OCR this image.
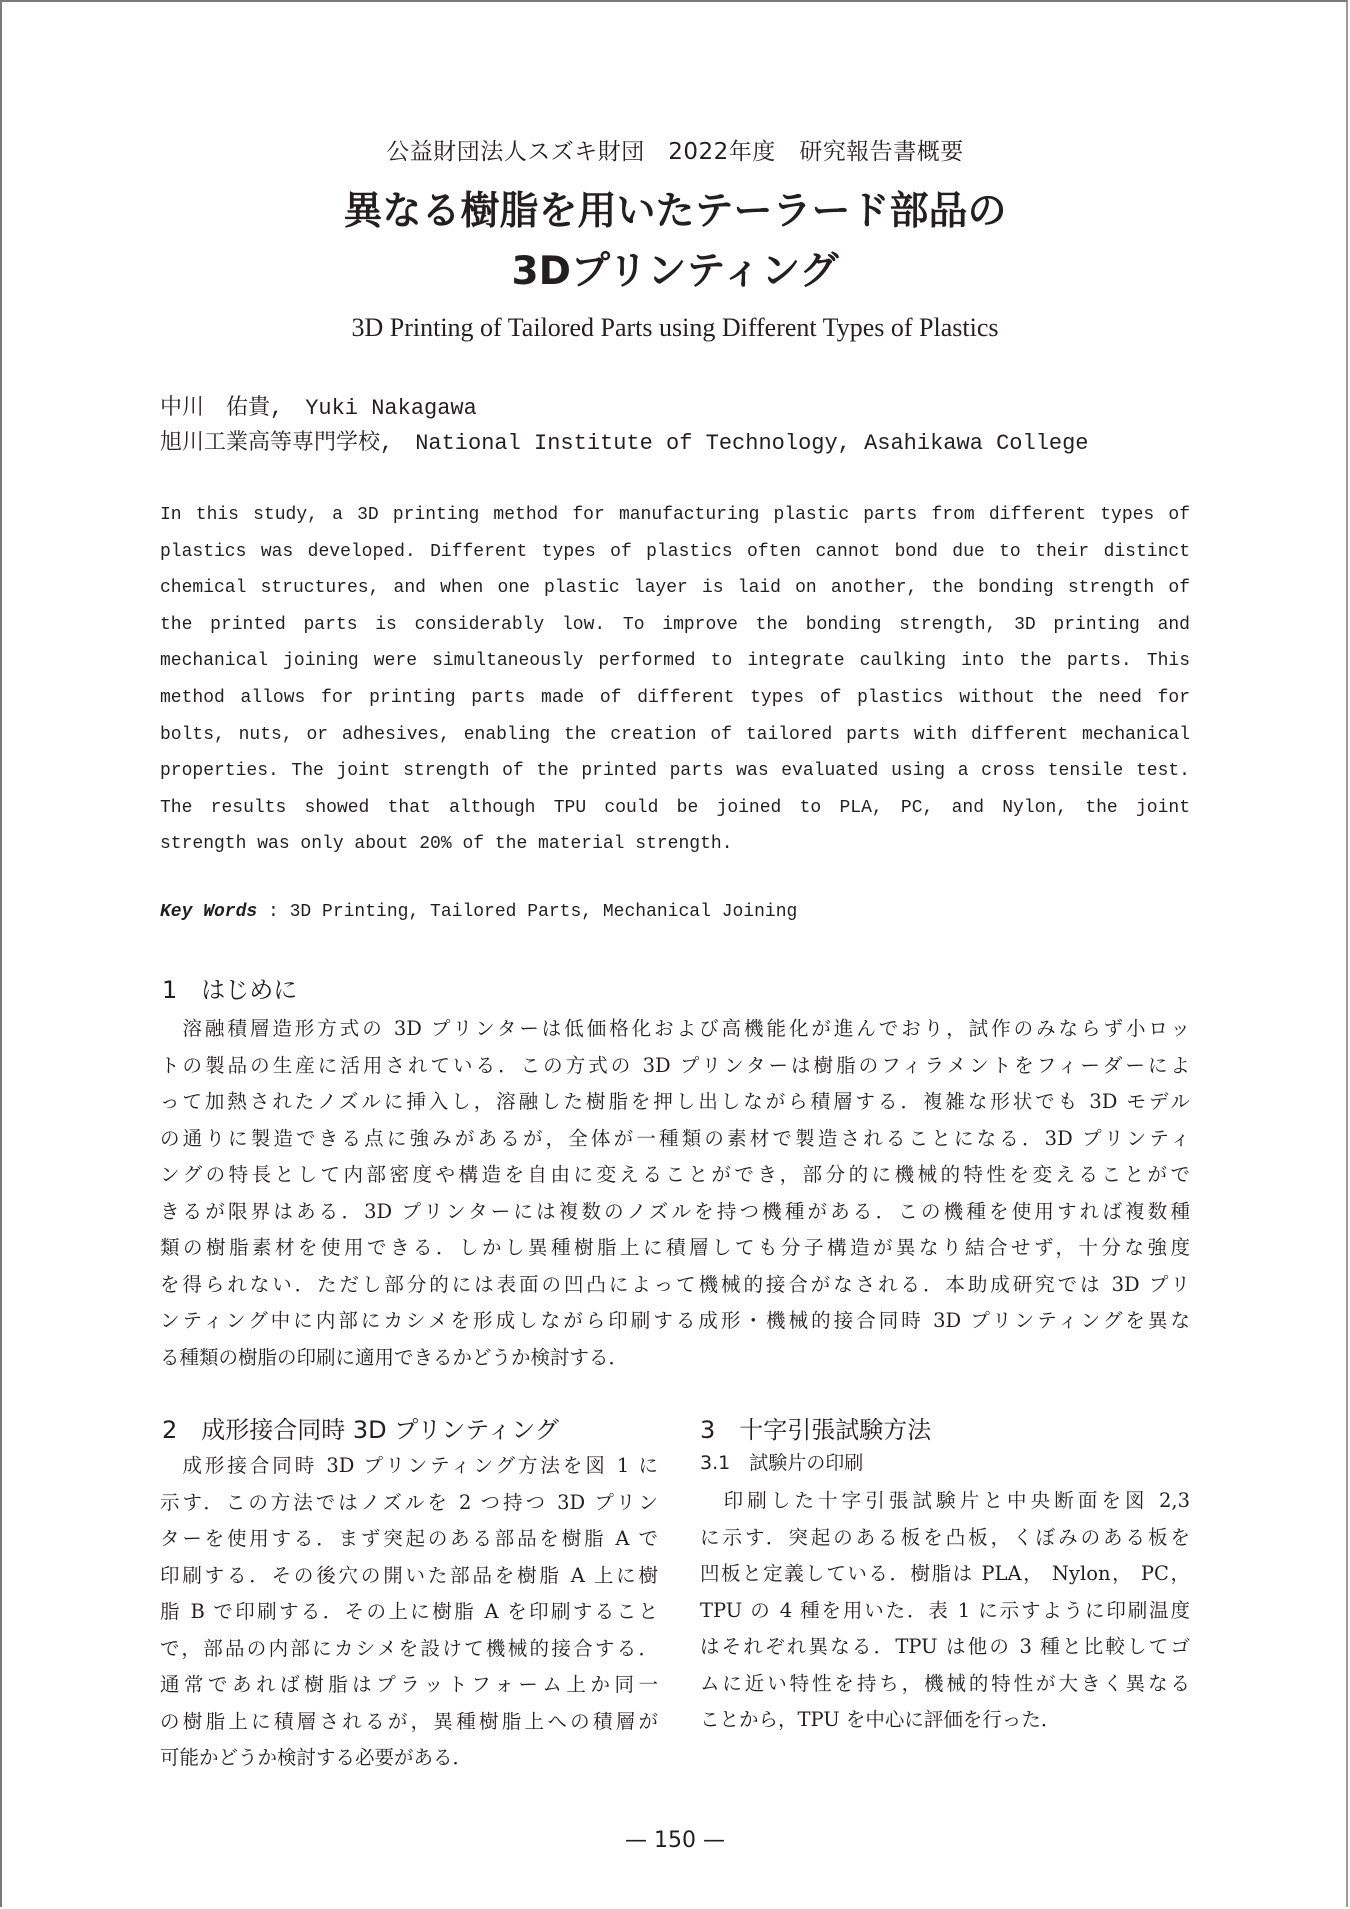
公益財団法人スズキ財団　2022年度　研究報告書概要
異なる樹脂を用いたテーラード部品の
3Dプリンティング
3D Printing of Tailored Parts using Different Types of Plastics
中川　佑貴,　Yuki Nakagawa
旭川工業高等専門学校,　National Institute of Technology, Asahikawa College
In this study, a 3D printing method for manufacturing plastic parts from different types of
plastics was developed. Different types of plastics often cannot bond due to their distinct
chemical structures, and when one plastic layer is laid on another, the bonding strength of
the printed parts is considerably low. To improve the bonding strength, 3D printing and
mechanical joining were simultaneously performed to integrate caulking into the parts. This
method allows for printing parts made of different types of plastics without the need for
bolts, nuts, or adhesives, enabling the creation of tailored parts with different mechanical
properties. The joint strength of the printed parts was evaluated using a cross tensile test.
The results showed that although TPU could be joined to PLA, PC, and Nylon, the joint
strength was only about 20% of the material strength.
Key Words : 3D Printing, Tailored Parts, Mechanical Joining
1　はじめに
　溶融積層造形方式の 3D プリンターは低価格化および高機能化が進んでおり，試作のみならず小ロッ
トの製品の生産に活用されている．この方式の 3D プリンターは樹脂のフィラメントをフィーダーによ
って加熱されたノズルに挿入し，溶融した樹脂を押し出しながら積層する．複雑な形状でも 3D モデル
の通りに製造できる点に強みがあるが，全体が一種類の素材で製造されることになる．3D プリンティ
ングの特長として内部密度や構造を自由に変えることができ，部分的に機械的特性を変えることがで
きるが限界はある．3D プリンターには複数のノズルを持つ機種がある．この機種を使用すれば複数種
類の樹脂素材を使用できる．しかし異種樹脂上に積層しても分子構造が異なり結合せず，十分な強度
を得られない．ただし部分的には表面の凹凸によって機械的接合がなされる．本助成研究では 3D プリ
ンティング中に内部にカシメを形成しながら印刷する成形・機械的接合同時 3D プリンティングを異な
る種類の樹脂の印刷に適用できるかどうか検討する．
2　成形接合同時 3D プリンティング
　成形接合同時 3D プリンティング方法を図 1 に
示す．この方法ではノズルを 2 つ持つ 3D プリン
ターを使用する．まず突起のある部品を樹脂 A で
印刷する．その後穴の開いた部品を樹脂 A 上に樹
脂 B で印刷する．その上に樹脂 A を印刷すること
で，部品の内部にカシメを設けて機械的接合する．
通常であれば樹脂はプラットフォーム上か同一
の樹脂上に積層されるが，異種樹脂上への積層が
可能かどうか検討する必要がある．
3　十字引張試験方法
3.1　試験片の印刷
　印刷した十字引張試験片と中央断面を図 2,3
に示す．突起のある板を凸板，くぼみのある板を
凹板と定義している．樹脂は PLA， Nylon， PC，
TPU の 4 種を用いた．表 1 に示すように印刷温度
はそれぞれ異なる．TPU は他の 3 種と比較してゴ
ムに近い特性を持ち，機械的特性が大きく異なる
ことから，TPU を中心に評価を行った．
— 150 —
